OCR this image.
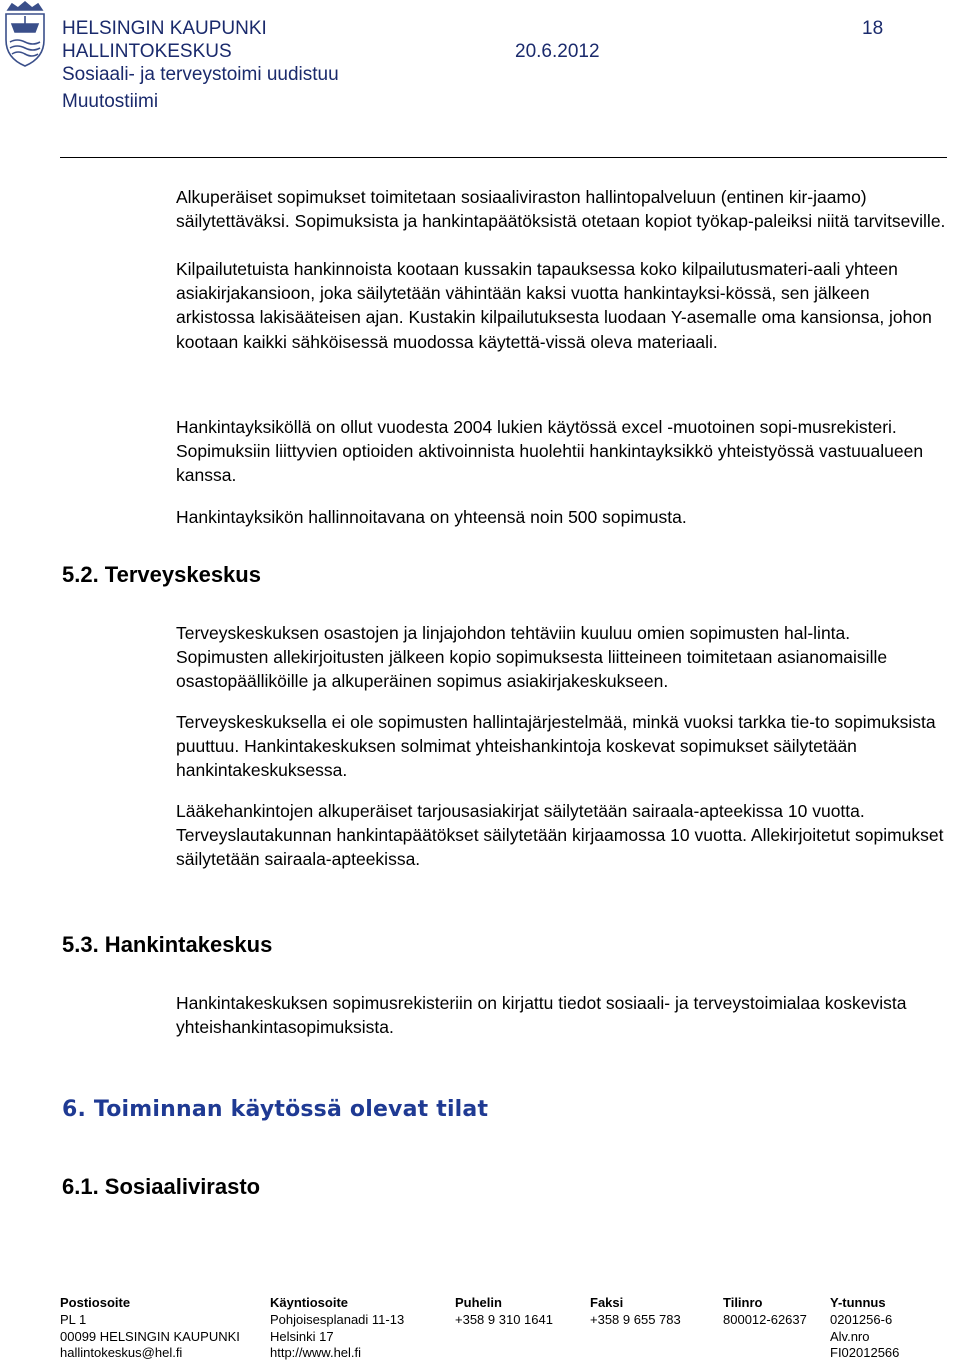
HELSINGIN KAUPUNKI
HALLINTOKESKUS	20.6.2012
Sosiaali- ja terveystoimi uudistuu
Muutostiimi
18

Alkuperäiset sopimukset toimitetaan sosiaaliviraston hallintopalveluun (entinen kir-jaamo) säilytettäväksi. Sopimuksista ja hankintapäätöksistä otetaan kopiot työkap-paleiksi niitä tarvitseville.

Kilpailutetuista hankinnoista kootaan kussakin tapauksessa koko kilpailutusmateri-aali yhteen asiakirjakansioon, joka säilytetään vähintään kaksi vuotta hankintayksi-kössä, sen jälkeen arkistossa lakisääteisen ajan. Kustakin kilpailutuksesta luodaan Y-asemalle oma kansionsa, johon kootaan kaikki sähköisessä muodossa käytettä-vissä oleva materiaali.

Hankintayksiköllä on ollut vuodesta 2004 lukien käytössä excel -muotoinen sopi-musrekisteri. Sopimuksiin liittyvien optioiden aktivoinnista huolehtii hankintayksikkö yhteistyössä vastuualueen kanssa.

Hankintayksikön hallinnoitavana on yhteensä noin 500 sopimusta.

5.2. Terveyskeskus

Terveyskeskuksen osastojen ja linjajohdon tehtäviin kuuluu omien sopimusten hal-linta. Sopimusten allekirjoitusten jälkeen kopio sopimuksesta liitteineen toimitetaan asianomaisille osastopäälliköille ja alkuperäinen sopimus asiakirjakeskukseen.

Terveyskeskuksella ei ole sopimusten hallintajärjestelmää, minkä vuoksi tarkka tie-to sopimuksista puuttuu. Hankintakeskuksen solmimat yhteishankintoja koskevat sopimukset säilytetään hankintakeskuksessa.

Lääkehankintojen alkuperäiset tarjousasiakirjat säilytetään sairaala-apteekissa 10 vuotta. Terveyslautakunnan hankintapäätökset säilytetään kirjaamossa 10 vuotta. Allekirjoitetut sopimukset säilytetään sairaala-apteekissa.

5.3. Hankintakeskus

Hankintakeskuksen sopimusrekisteriin on kirjattu tiedot sosiaali- ja terveystoimialaa koskevista yhteishankintasopimuksista.

6. Toiminnan käytössä olevat tilat
6.1. Sosiaalivirasto
Postiosoite
PL 1
00099 HELSINGIN KAUPUNKI
hallintokeskus@hel.fi
Käyntiosoite
Pohjoisesplanadi 11-13
Helsinki 17
http://www.hel.fi
Puhelin
+358 9 310 1641
Faksi
+358 9 655 783
Tilinro
800012-62637
Y-tunnus
0201256-6
Alv.nro
FI02012566
